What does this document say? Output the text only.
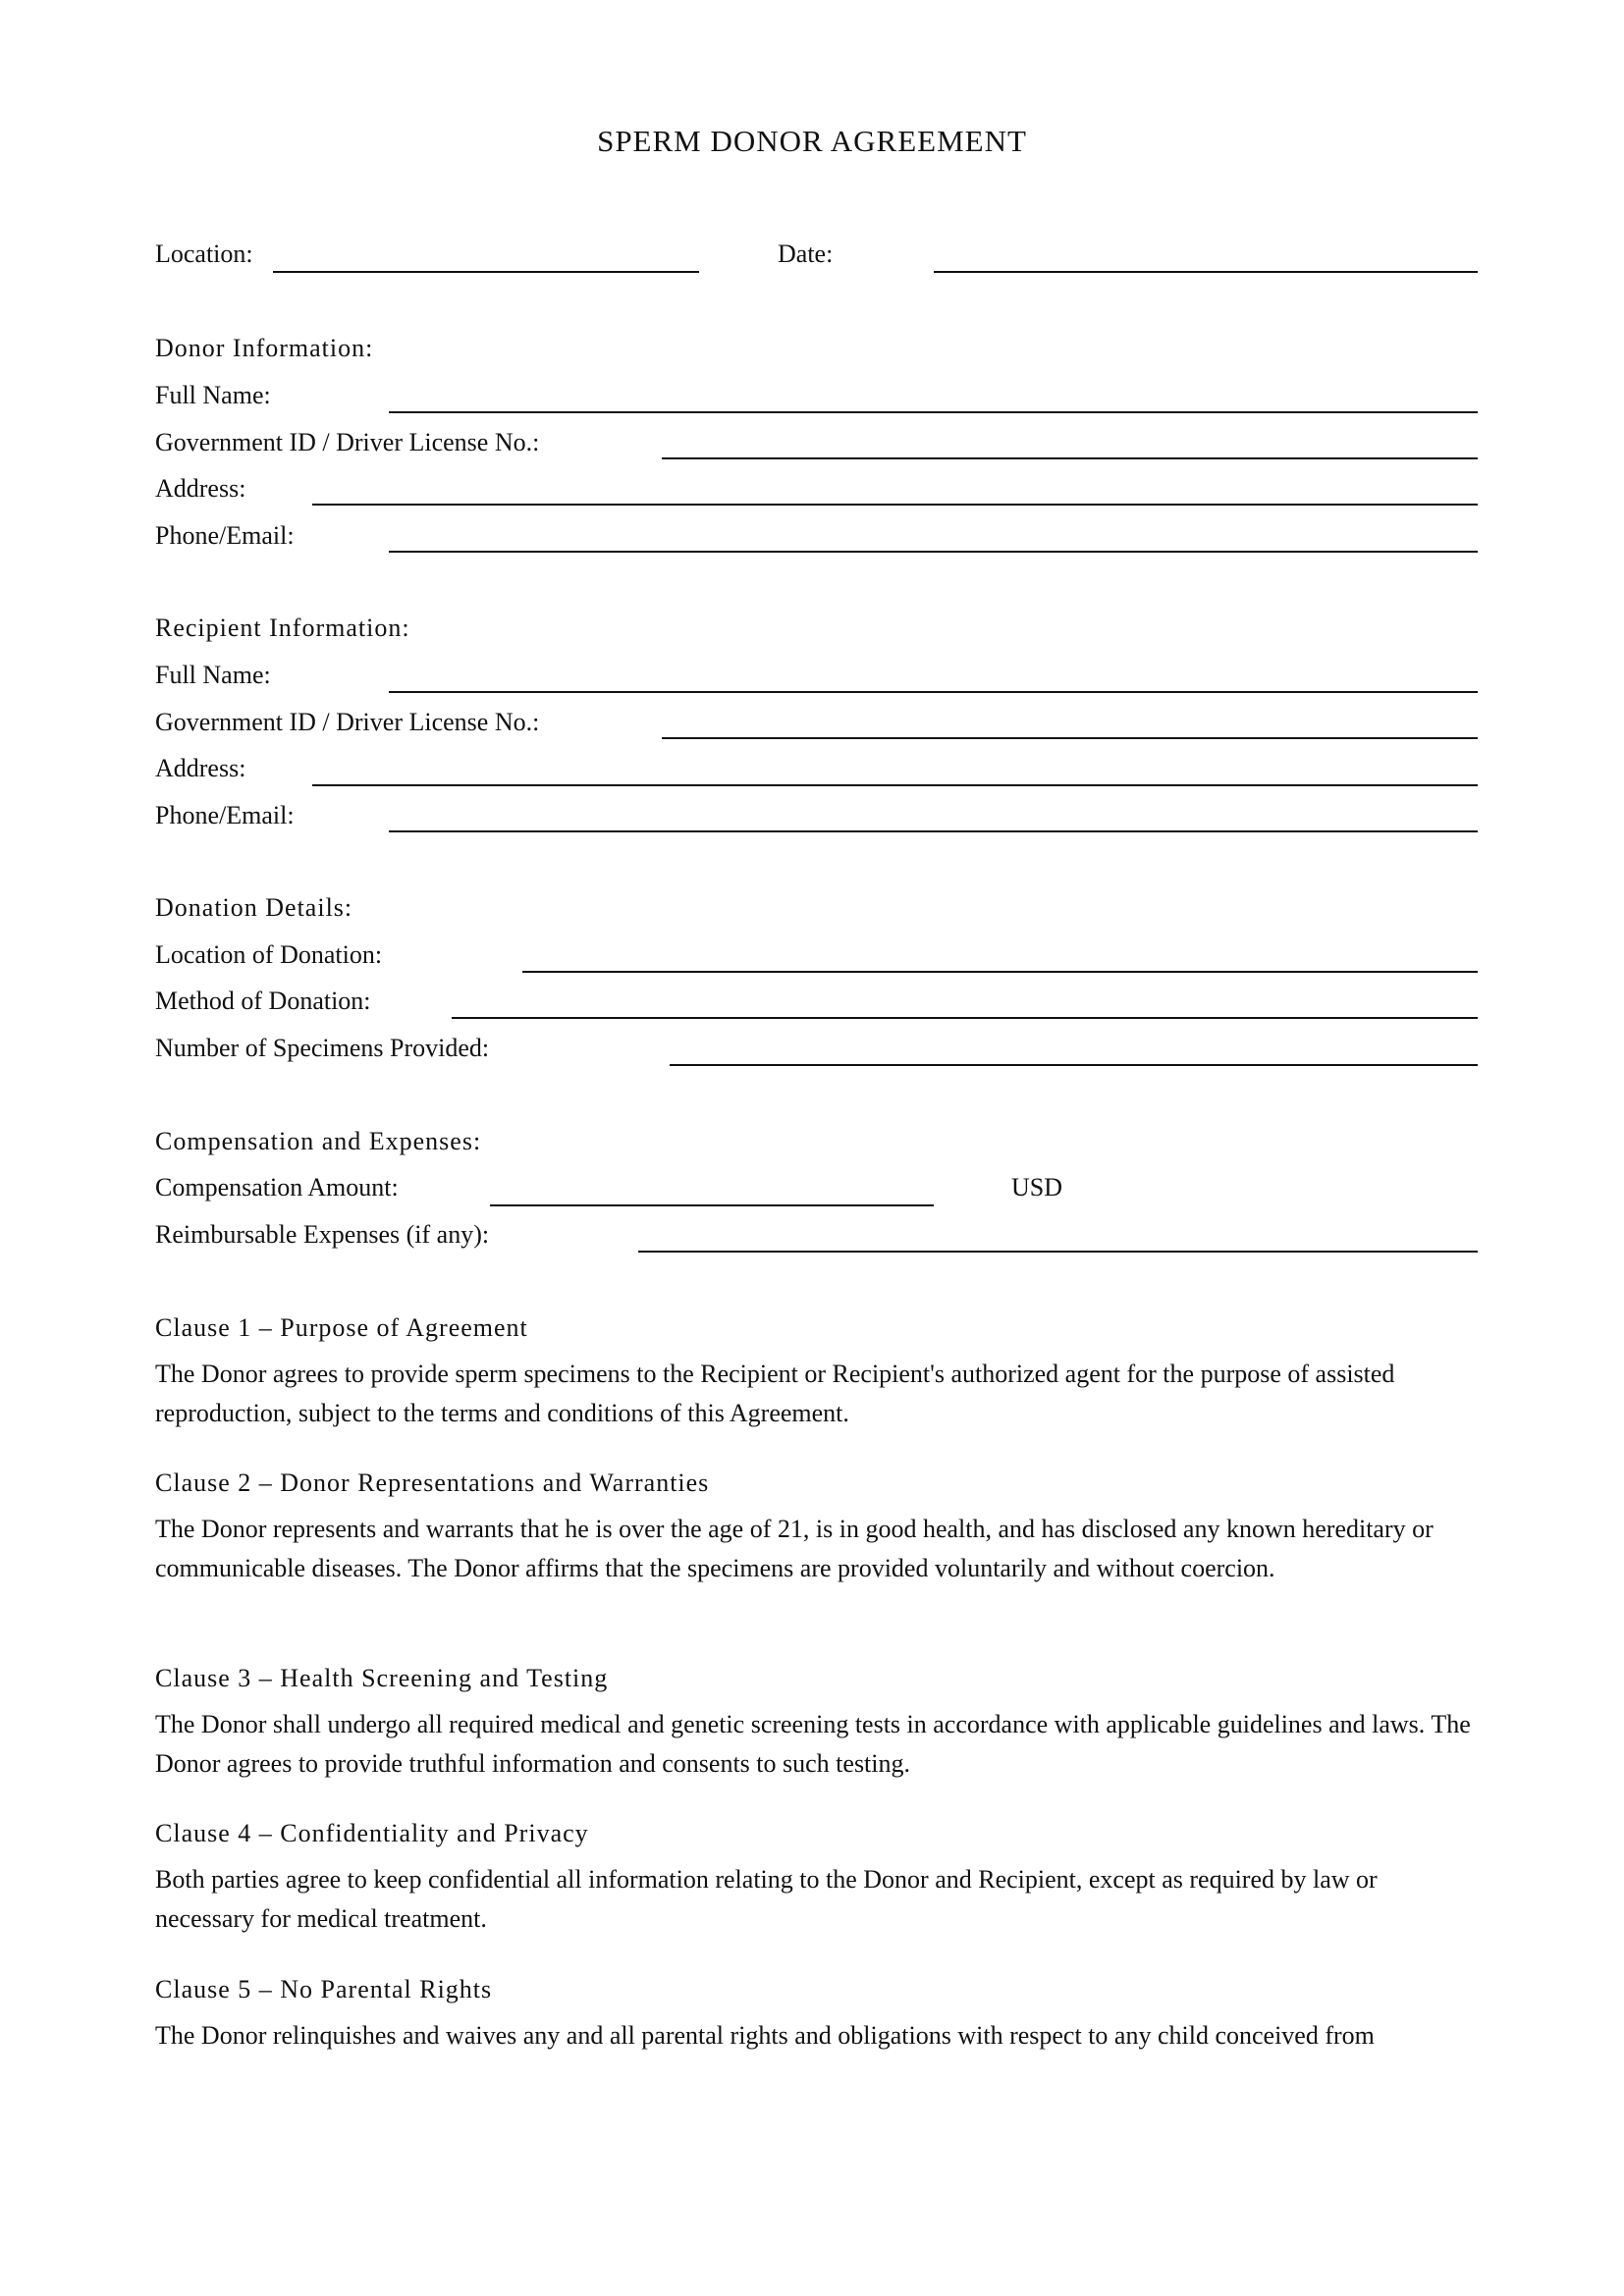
SPERM DONOR AGREEMENT
Location:	Date:
Donor Information:
Full Name:
Government ID / Driver License No.:
Address:
Phone/Email:
Recipient Information:
Full Name:
Government ID / Driver License No.:
Address:
Phone/Email:
Donation Details:
Location of Donation:
Method of Donation:
Number of Specimens Provided:
Compensation and Expenses:
Compensation Amount:	USD
Reimbursable Expenses (if any):
Clause 1 – Purpose of Agreement
The Donor agrees to provide sperm specimens to the Recipient or Recipient's authorized agent for the purpose of assisted reproduction, subject to the terms and conditions of this Agreement.
Clause 2 – Donor Representations and Warranties
The Donor represents and warrants that he is over the age of 21, is in good health, and has disclosed any known hereditary or communicable diseases. The Donor affirms that the specimens are provided voluntarily and without coercion.
Clause 3 – Health Screening and Testing
The Donor shall undergo all required medical and genetic screening tests in accordance with applicable guidelines and laws. The Donor agrees to provide truthful information and consents to such testing.
Clause 4 – Confidentiality and Privacy
Both parties agree to keep confidential all information relating to the Donor and Recipient, except as required by law or necessary for medical treatment.
Clause 5 – No Parental Rights
The Donor relinquishes and waives any and all parental rights and obligations with respect to any child conceived from
